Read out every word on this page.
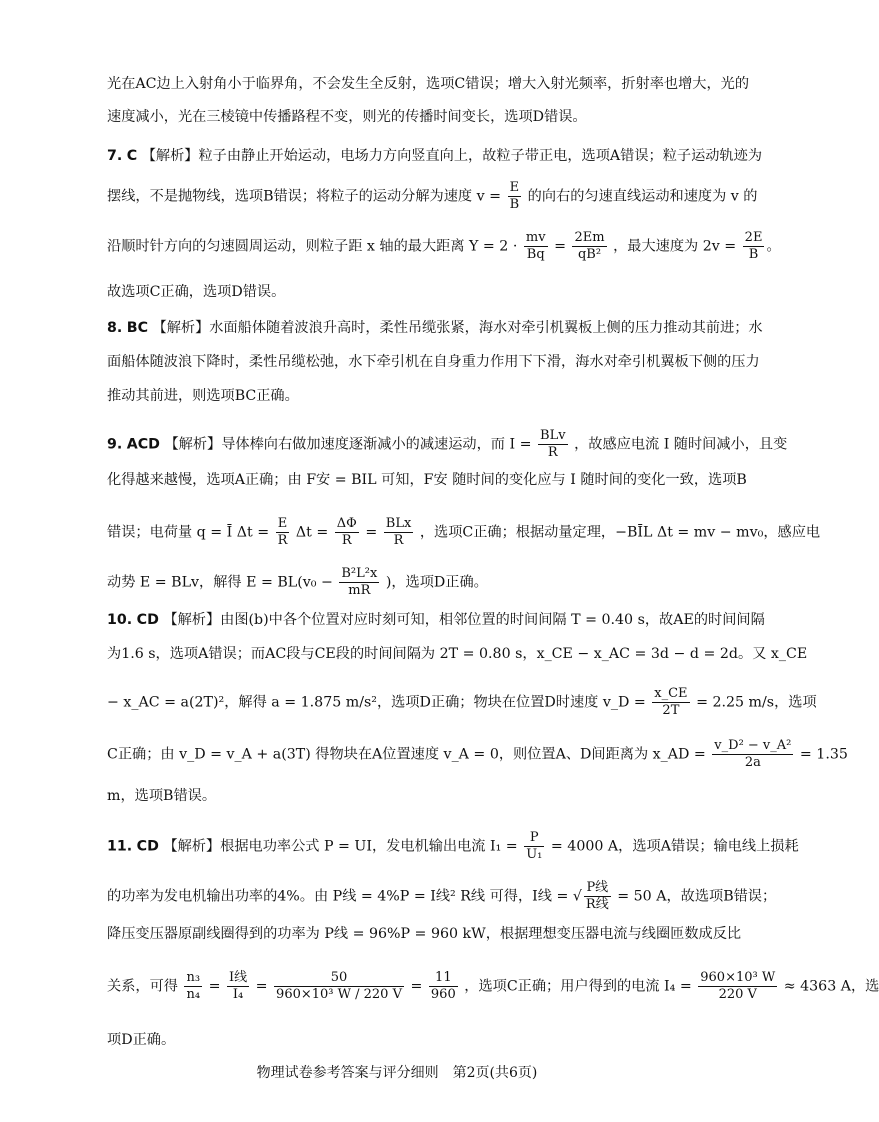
光在AC边上入射角小于临界角，不会发生全反射，选项C错误；增大入射光频率，折射率也增大，光的
速度减小，光在三棱镜中传播路程不变，则光的传播时间变长，选项D错误。
7. C 【解析】粒子由静止开始运动，电场力方向竖直向上，故粒子带正电，选项A错误；粒子运动轨迹为
摆线，不是抛物线，选项B错误；将粒子的运动分解为速度 $v = \frac{E}{B}$ 的向右的匀速直线运动和速度为 v 的
沿顺时针方向的匀速圆周运动，则粒子距 x 轴的最大距离 $Y = 2 \cdot \frac{mv}{Bq} = \frac{2Em}{\text{qB²}}$ ，最大速度为 $2v = \frac{2E}{B}$ 。
故选项C正确，选项D错误。
8. BC 【解析】水面船体随着波浪升高时，柔性吊缆张紧，海水对牵引机翼板上侧的压力推动其前进；水
面船体随波浪下降时，柔性吊缆松弛，水下牵引机在自身重力作用下下滑，海水对牵引机翼板下侧的压力
推动其前进，则选项BC正确。
9. ACD 【解析】导体棒向右做加速度逐渐减小的减速运动，而 $I = \frac{\text{BLv}}{R}$ ，故感应电流 I 随时间减小，且变
化得越来越慢，选项A正确；由 F安 = BIL 可知，F安 随时间的变化应与 I 随时间的变化一致，选项B
错误；电荷量 q = Ī $\Delta t = \frac{E}{R}$ $\Delta t = \frac{\Delta\Phi}{R} = \frac{\text{BLx}}{R}$ ，选项C正确；根据动量定理，−BĪL Δt = mv − mv₀，感应电
动势 E = BLv，解得 $E = BL(v_0 - \frac{\text{B²L²x}}{mR}$ )，选项D正确。
10. CD 【解析】由图(b)中各个位置对应时刻可知，相邻位置的时间间隔 T = 0.40 s，故AE的时间间隔
为1.6 s，选项A错误；而AC段与CE段的时间间隔为 2T = 0.80 s，x_CE − x_AC = 3d − d = 2d。又 x_CE
− x_AC = a(2T)²，解得 a = 1.875 m/s²，选项D正确；物块在位置D时速度 v_D = $\frac{x\_CE}{2T} = 2.25$ m/s，选项
C正确；由 v_D = v_A + a(3T) 得物块在A位置速度 v_A = 0，则位置A、D间距离为 x_AD = $\frac{\text{v\_D² − v\_A²}}{2a} = 1.35$
m，选项B错误。
11. CD 【解析】根据电功率公式 P = UI，发电机输出电流 $I_1 = \frac{P}{\text{U₁}} = 4000$ A，选项A错误；输电线上损耗
的功率为发电机输出功率的4%。由 P线 = 4%P = I线² R线 可得，I线 = √ $\frac{\text{P线}}{\text{R线}} = 50$ A，故选项B错误；
降压变压器原副线圈得到的功率为 P线 = 96%P = 960 kW，根据理想变压器电流与线圈匝数成反比
关系，可得 $\frac{\text{n₃}}{\text{n₄}} = \frac{\text{I线}}{\text{I₄}} = \frac{50}{\text{960×10³ W / 220 V}} = \frac{11}{960}$ ，选项C正确；用户得到的电流 $I_4 = \frac{\text{960×10³ W}}{220 V} \approx 4363$ A，选
项D正确。
物理试卷参考答案与评分细则　第2页(共6页)
